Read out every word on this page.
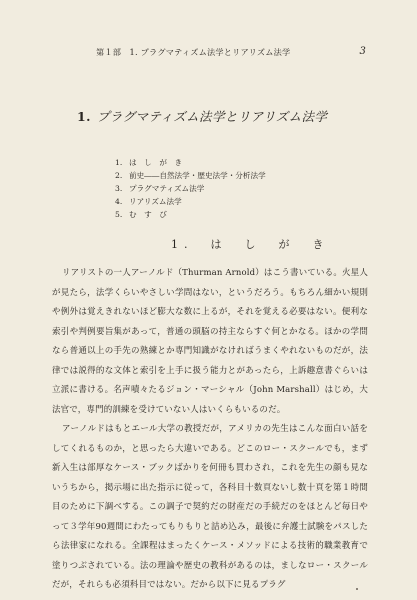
第１部　1. プラグマティズム法学とリアリズム法学	3
1. プラグマティズム法学とリアリズム法学
1. は　し　が　き
2. 前史――自然法学・歴史法学・分析法学
3. プラグマティズム法学
4. リアリズム法学
5. む　す　び
1.　は　し　が　き

リアリストの一人アーノルド（Thurman Arnold）はこう書いている。火星人が見たら，法学くらいやさしい学問はない，というだろう。もちろん細かい規則や例外は覚えきれないほど膨大な数に上るが，それを覚える必要はない。便利な索引や判例要旨集があって，普通の頭脳の持主ならすぐ何とかなる。ほかの学問なら普通以上の手先の熟練とか専門知識がなければうまくやれないものだが，法律では説得的な文体と索引を上手に扱う能力とがあったら，上訴趣意書ぐらいは立派に書ける。名声嘖々たるジョン・マーシャル（John Marshall）はじめ，大法官で，専門的訓練を受けていない人はいくらもいるのだ。

アーノルドはもとエール大学の教授だが，アメリカの先生はこんな面白い話をしてくれるものか，と思ったら大違いである。どこのロー・スクールでも，まず新入生は部厚なケース・ブックばかりを何冊も買わされ，これを先生の顔も見ないうちから，掲示場に出た指示に従って，各科目十数頁ないし数十頁を第１時間目のために下調べする。この調子で契約だの財産だの手続だのをほとんど毎日やって３学年90週間にわたってもりもりと詰め込み，最後に弁護士試験をパスしたら法律家になれる。全課程はまったくケース・メソッドによる技術的職業教育で塗りつぶされている。法の理論や歴史の教科があるのは，ましなロー・スクールだが，それらも必須科目ではない。だから以下に見るプラグ
